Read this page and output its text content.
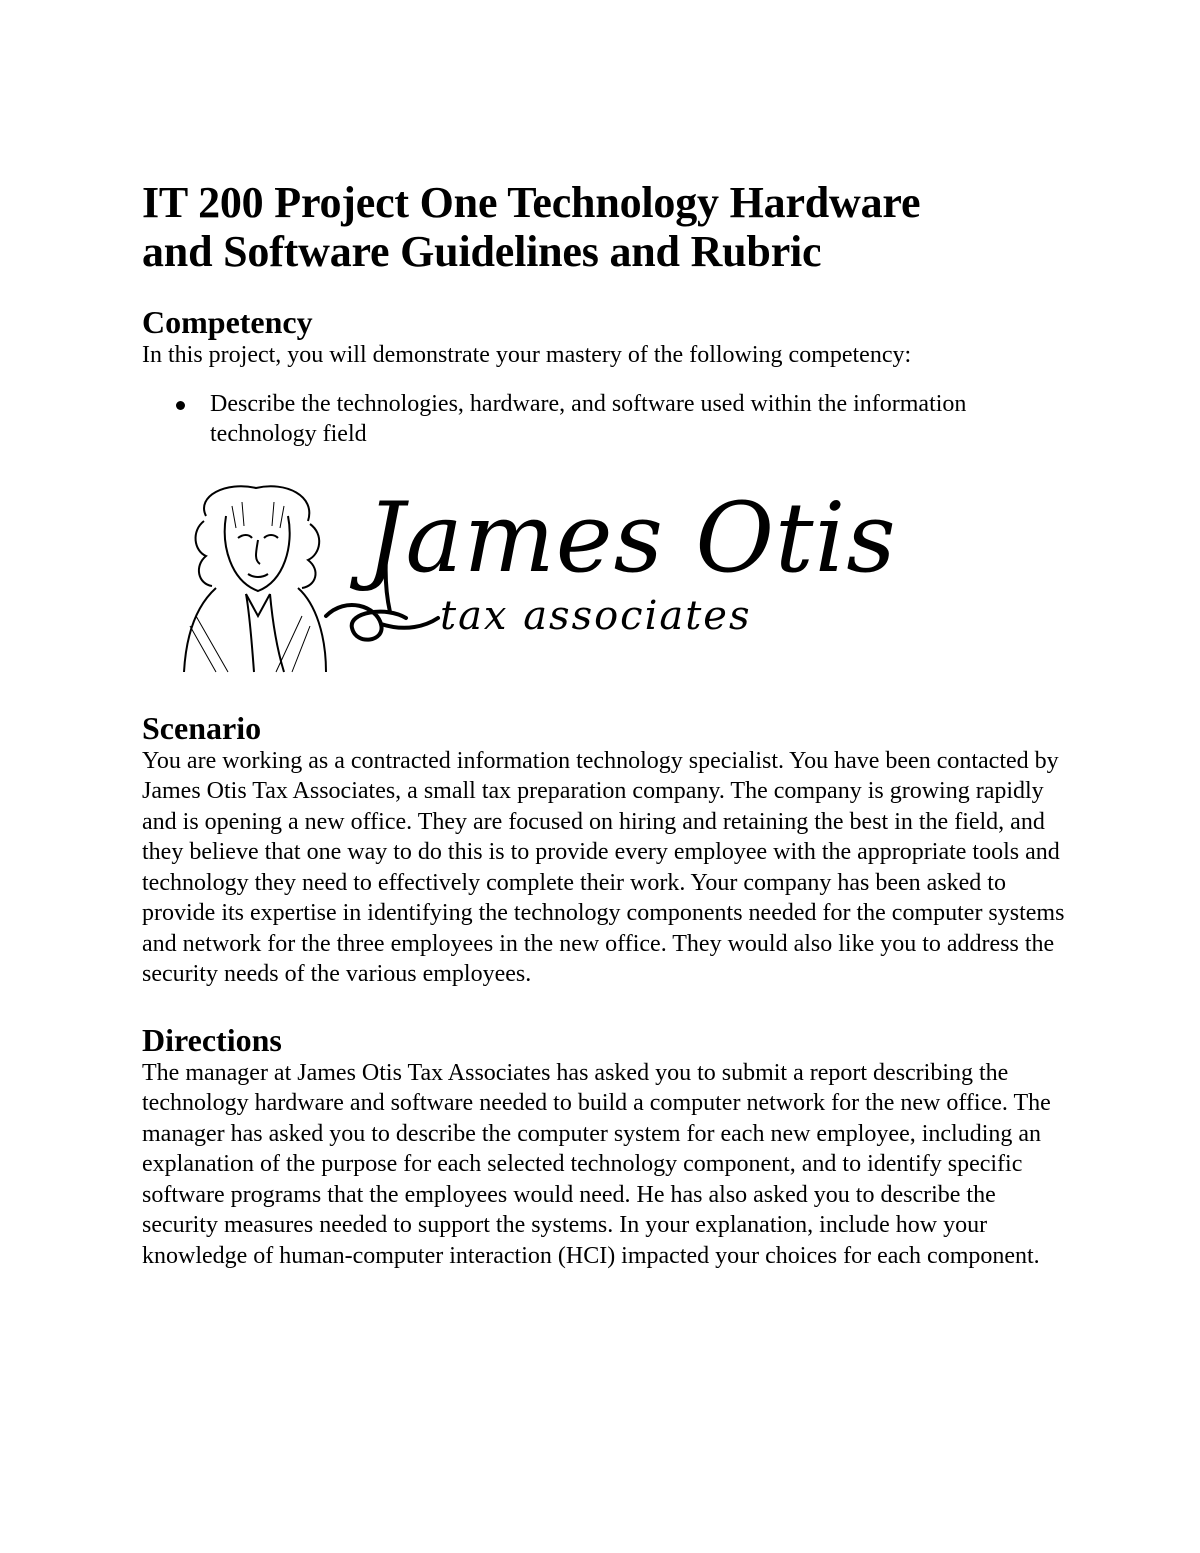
IT 200 Project One Technology Hardware
and Software Guidelines and Rubric
Competency

In this project, you will demonstrate your mastery of the following competency:

Describe the technologies, hardware, and software used within the information technology field
James Otis
tax associates
Scenario

You are working as a contracted information technology specialist. You have been contacted by James Otis Tax Associates, a small tax preparation company. The company is growing rapidly and is opening a new office. They are focused on hiring and retaining the best in the field, and they believe that one way to do this is to provide every employee with the appropriate tools and technology they need to effectively complete their work. Your company has been asked to provide its expertise in identifying the technology components needed for the computer systems and network for the three employees in the new office. They would also like you to address the security needs of the various employees.

Directions

The manager at James Otis Tax Associates has asked you to submit a report describing the technology hardware and software needed to build a computer network for the new office. The manager has asked you to describe the computer system for each new employee, including an explanation of the purpose for each selected technology component, and to identify specific software programs that the employees would need. He has also asked you to describe the security measures needed to support the systems. In your explanation, include how your knowledge of human-computer interaction (HCI) impacted your choices for each component.
